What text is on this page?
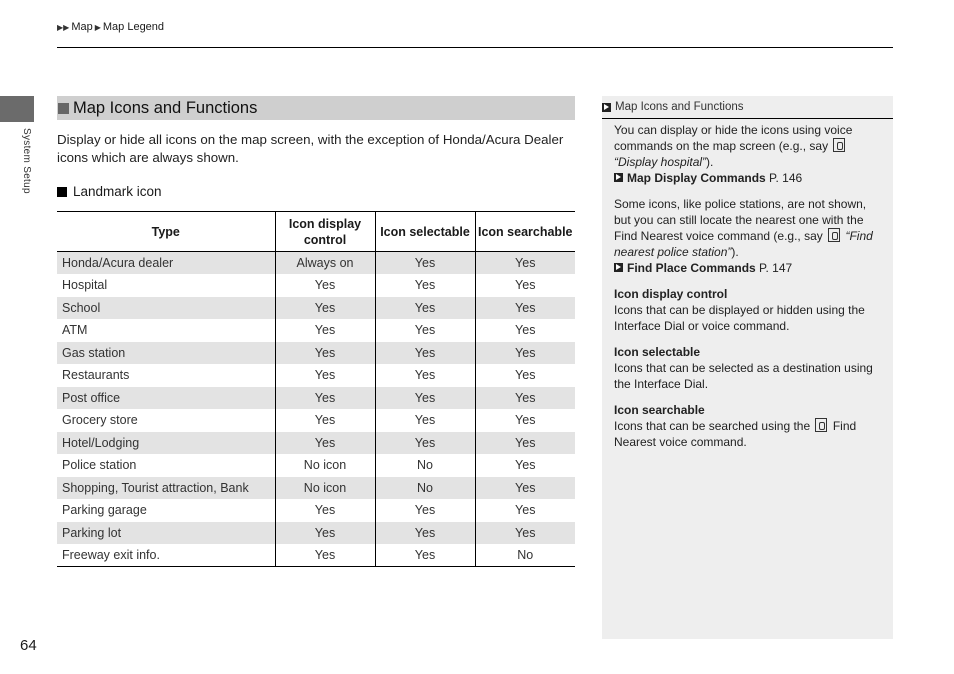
▶▶ Map ▶ Map Legend
System Setup
64
Map Icons and Functions
Display or hide all icons on the map screen, with the exception of Honda/Acura Dealer icons which are always shown.
Landmark icon
Type	Icon display control	Icon selectable	Icon searchable
Honda/Acura dealer	Always on	Yes	Yes
Hospital	Yes	Yes	Yes
School	Yes	Yes	Yes
ATM	Yes	Yes	Yes
Gas station	Yes	Yes	Yes
Restaurants	Yes	Yes	Yes
Post office	Yes	Yes	Yes
Grocery store	Yes	Yes	Yes
Hotel/Lodging	Yes	Yes	Yes
Police station	No icon	No	Yes
Shopping, Tourist attraction, Bank	No icon	No	Yes
Parking garage	Yes	Yes	Yes
Parking lot	Yes	Yes	Yes
Freeway exit info.	Yes	Yes	No
Map Icons and Functions

You can display or hide the icons using voice commands on the map screen (e.g., say  “Display hospital”).
Map Display Commands P. 146

Some icons, like police stations, are not shown, but you can still locate the nearest one with the Find Nearest voice command (e.g., say “Find nearest police station”).
Find Place Commands P. 147

Icon display control
Icons that can be displayed or hidden using the Interface Dial or voice command.
Icon selectable
Icons that can be selected as a destination using the Interface Dial.
Icon searchable
Icons that can be searched using the Find Nearest voice command.
